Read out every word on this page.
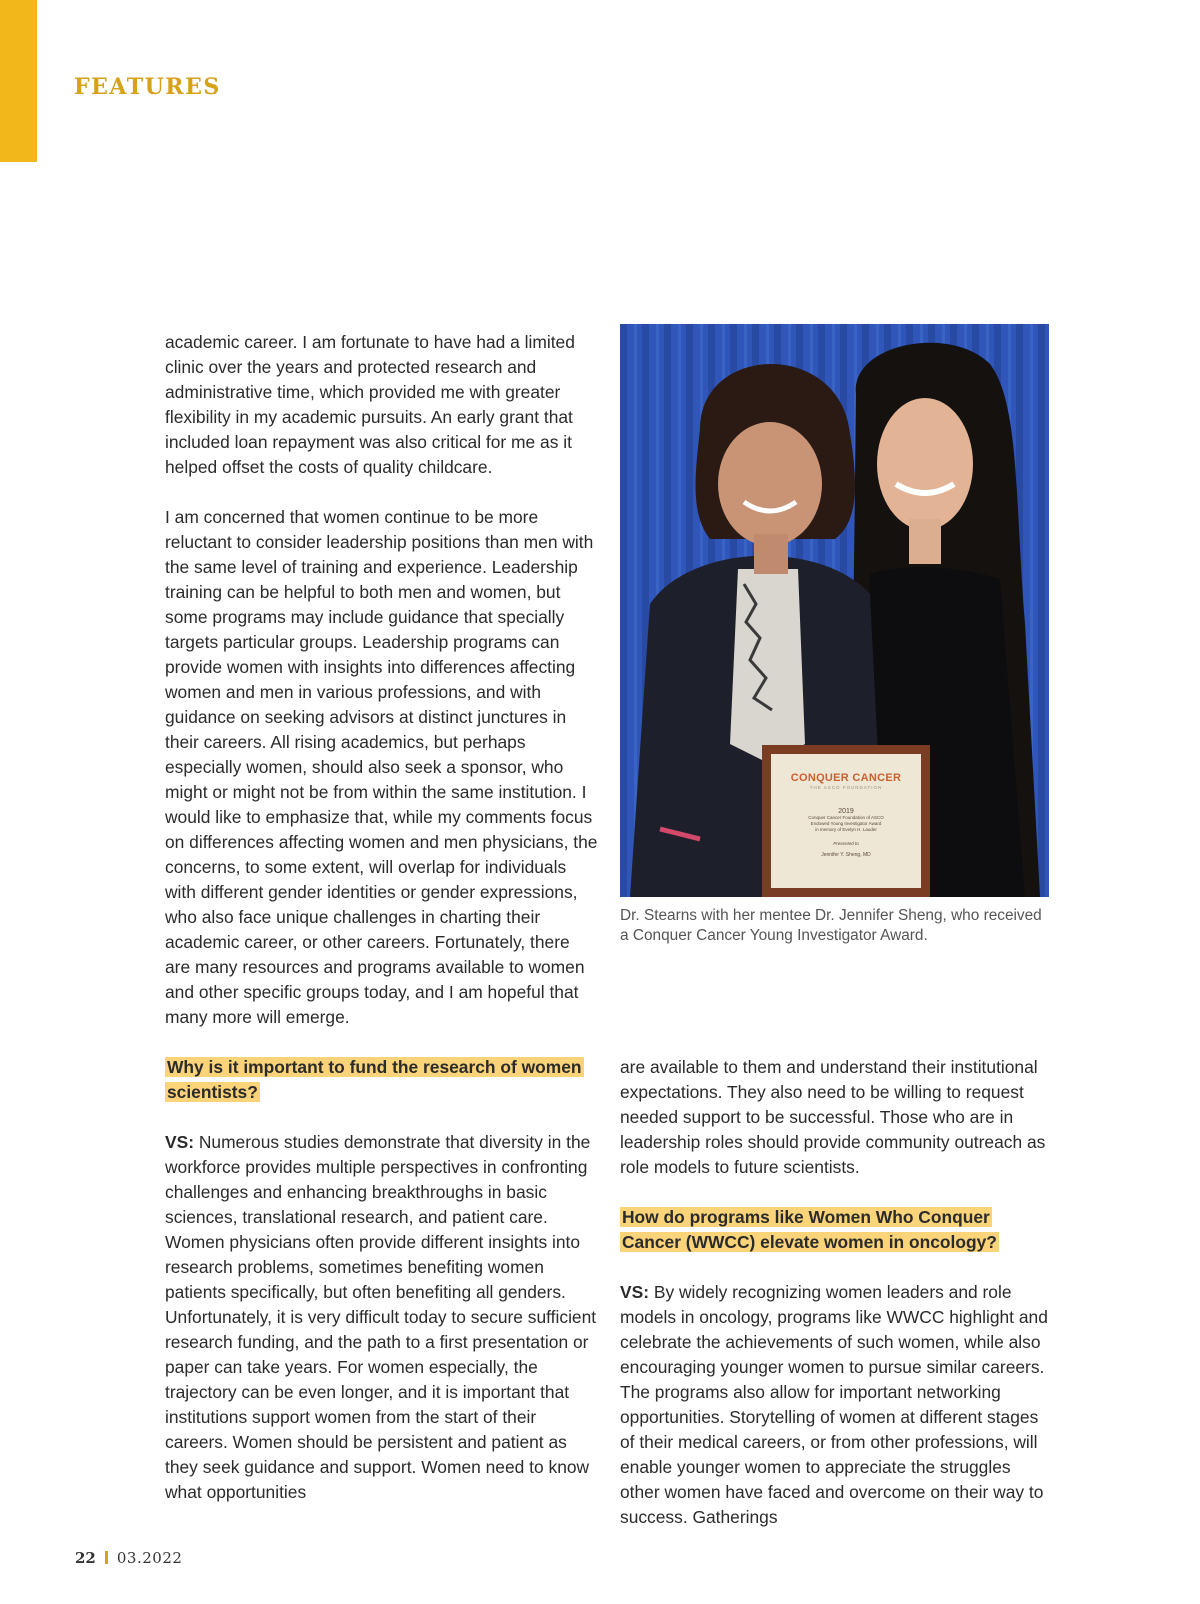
FEATURES

academic career. I am fortunate to have had a limited clinic over the years and protected research and administrative time, which provided me with greater flexibility in my academic pursuits. An early grant that included loan repayment was also critical for me as it helped offset the costs of quality childcare.

I am concerned that women continue to be more reluctant to consider leadership positions than men with the same level of training and experience. Leadership training can be helpful to both men and women, but some programs may include guidance that specially targets particular groups. Leadership programs can provide women with insights into differences affecting women and men in various professions, and with guidance on seeking advisors at distinct junctures in their careers. All rising academics, but perhaps especially women, should also seek a sponsor, who might or might not be from within the same institution. I would like to emphasize that, while my comments focus on differences affecting women and men physicians, the concerns, to some extent, will overlap for individuals with different gender identities or gender expressions, who also face unique challenges in charting their academic career, or other careers. Fortunately, there are many resources and programs available to women and other specific groups today, and I am hopeful that many more will emerge.

Why is it important to fund the research of women scientists?

VS: Numerous studies demonstrate that diversity in the workforce provides multiple perspectives in confronting challenges and enhancing breakthroughs in basic sciences, translational research, and patient care. Women physicians often provide different insights into research problems, sometimes benefiting women patients specifically, but often benefiting all genders. Unfortunately, it is very difficult today to secure sufficient research funding, and the path to a first presentation or paper can take years. For women especially, the trajectory can be even longer, and it is important that institutions support women from the start of their careers. Women should be persistent and patient as they seek guidance and support. Women need to know what opportunities

CONQUER CANCER
THE ASCO FOUNDATION
2019
Conquer Cancer Foundation of ASCO
Endowed Young Investigator Award
in memory of Evelyn H. Lauder
Presented to
Jennifer Y. Sheng, MD

Dr. Stearns with her mentee Dr. Jennifer Sheng, who received a Conquer Cancer Young Investigator Award.

are available to them and understand their institutional expectations. They also need to be willing to request needed support to be successful. Those who are in leadership roles should provide community outreach as role models to future scientists.

How do programs like Women Who Conquer Cancer (WWCC) elevate women in oncology?

VS: By widely recognizing women leaders and role models in oncology, programs like WWCC highlight and celebrate the achievements of such women, while also encouraging younger women to pursue similar careers. The programs also allow for important networking opportunities. Storytelling of women at different stages of their medical careers, or from other professions, will enable younger women to appreciate the struggles other women have faced and overcome on their way to success. Gatherings

22 03.2022
